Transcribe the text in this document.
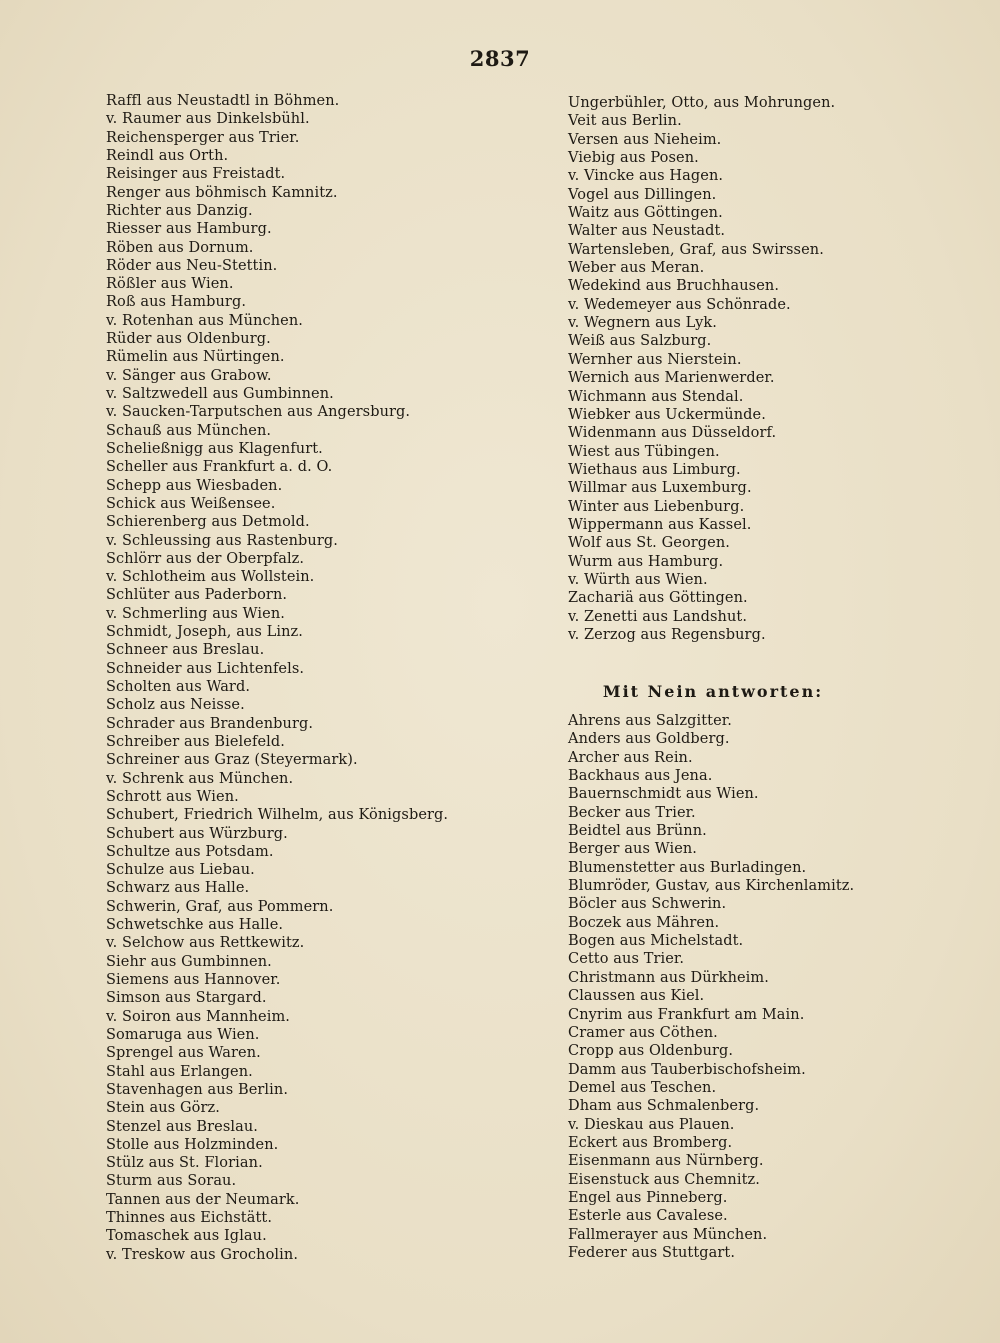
2837
Raffl aus Neustadtl in Böhmen.
v. Raumer aus Dinkelsbühl.
Reichensperger aus Trier.
Reindl aus Orth.
Reisinger aus Freistadt.
Renger aus böhmisch Kamnitz.
Richter aus Danzig.
Riesser aus Hamburg.
Röben aus Dornum.
Röder aus Neu-Stettin.
Rößler aus Wien.
Roß aus Hamburg.
v. Rotenhan aus München.
Rüder aus Oldenburg.
Rümelin aus Nürtingen.
v. Sänger aus Grabow.
v. Saltzwedell aus Gumbinnen.
v. Saucken-Tarputschen aus Angersburg.
Schauß aus München.
Scheliеßnigg aus Klagenfurt.
Scheller aus Frankfurt a. d. O.
Schepp aus Wiesbaden.
Schick aus Weißensee.
Schierenberg aus Detmold.
v. Schleussing aus Rastenburg.
Schlörr aus der Oberpfalz.
v. Schlotheim aus Wollstein.
Schlüter aus Paderborn.
v. Schmerling aus Wien.
Schmidt, Joseph, aus Linz.
Schneer aus Breslau.
Schneider aus Lichtenfels.
Scholten aus Ward.
Scholz aus Neisse.
Schrader aus Brandenburg.
Schreiber aus Bielefeld.
Schreiner aus Graz (Steyermark).
v. Schrenk aus München.
Schrott aus Wien.
Schubert, Friedrich Wilhelm, aus Königsberg.
Schubert aus Würzburg.
Schultze aus Potsdam.
Schulze aus Liebau.
Schwarz aus Halle.
Schwerin, Graf, aus Pommern.
Schwetschke aus Halle.
v. Selchow aus Rettkewitz.
Siehr aus Gumbinnen.
Siemens aus Hannover.
Simson aus Stargard.
v. Soiron aus Mannheim.
Somaruga aus Wien.
Sprengel aus Waren.
Stahl aus Erlangen.
Stavenhagen aus Berlin.
Stein aus Görz.
Stenzel aus Breslau.
Stolle aus Holzminden.
Stülz aus St. Florian.
Sturm aus Sorau.
Tannen aus der Neumark.
Thinnes aus Eichstätt.
Tomaschek aus Iglau.
v. Treskow aus Grocholin.
Ungerbühler, Otto, aus Mohrungen.
Veit aus Berlin.
Versen aus Nieheim.
Viebig aus Posen.
v. Vincke aus Hagen.
Vogel aus Dillingen.
Waitz aus Göttingen.
Walter aus Neustadt.
Wartensleben, Graf, aus Swirssen.
Weber aus Meran.
Wedekind aus Bruchhausen.
v. Wedemeyer aus Schönrade.
v. Wegnern aus Lyk.
Weiß aus Salzburg.
Wernher aus Nierstein.
Wernich aus Marienwerder.
Wichmann aus Stendal.
Wiebker aus Uckermünde.
Widenmann aus Düsseldorf.
Wiest aus Tübingen.
Wiethaus aus Limburg.
Willmar aus Luxemburg.
Winter aus Liebenburg.
Wippermann aus Kassel.
Wolf aus St. Georgen.
Wurm aus Hamburg.
v. Würth aus Wien.
Zachariä aus Göttingen.
v. Zenetti aus Landshut.
v. Zerzog aus Regensburg.
Mit Nein antworten:
Ahrens aus Salzgitter.
Anders aus Goldberg.
Archer aus Rein.
Backhaus aus Jena.
Bauernschmidt aus Wien.
Becker aus Trier.
Beidtel aus Brünn.
Berger aus Wien.
Blumenstetter aus Burladingen.
Blumröder, Gustav, aus Kirchenlamitz.
Böcler aus Schwerin.
Boczek aus Mähren.
Bogen aus Michelstadt.
Cetto aus Trier.
Christmann aus Dürkheim.
Claussen aus Kiel.
Cnyrim aus Frankfurt am Main.
Cramer aus Cöthen.
Cropp aus Oldenburg.
Damm aus Tauberbischofsheim.
Demel aus Teschen.
Dham aus Schmalenberg.
v. Dieskau aus Plauen.
Eckert aus Bromberg.
Eisenmann aus Nürnberg.
Eisenstuck aus Chemnitz.
Engel aus Pinneberg.
Esterle aus Cavalese.
Fallmerayer aus München.
Federer aus Stuttgart.
